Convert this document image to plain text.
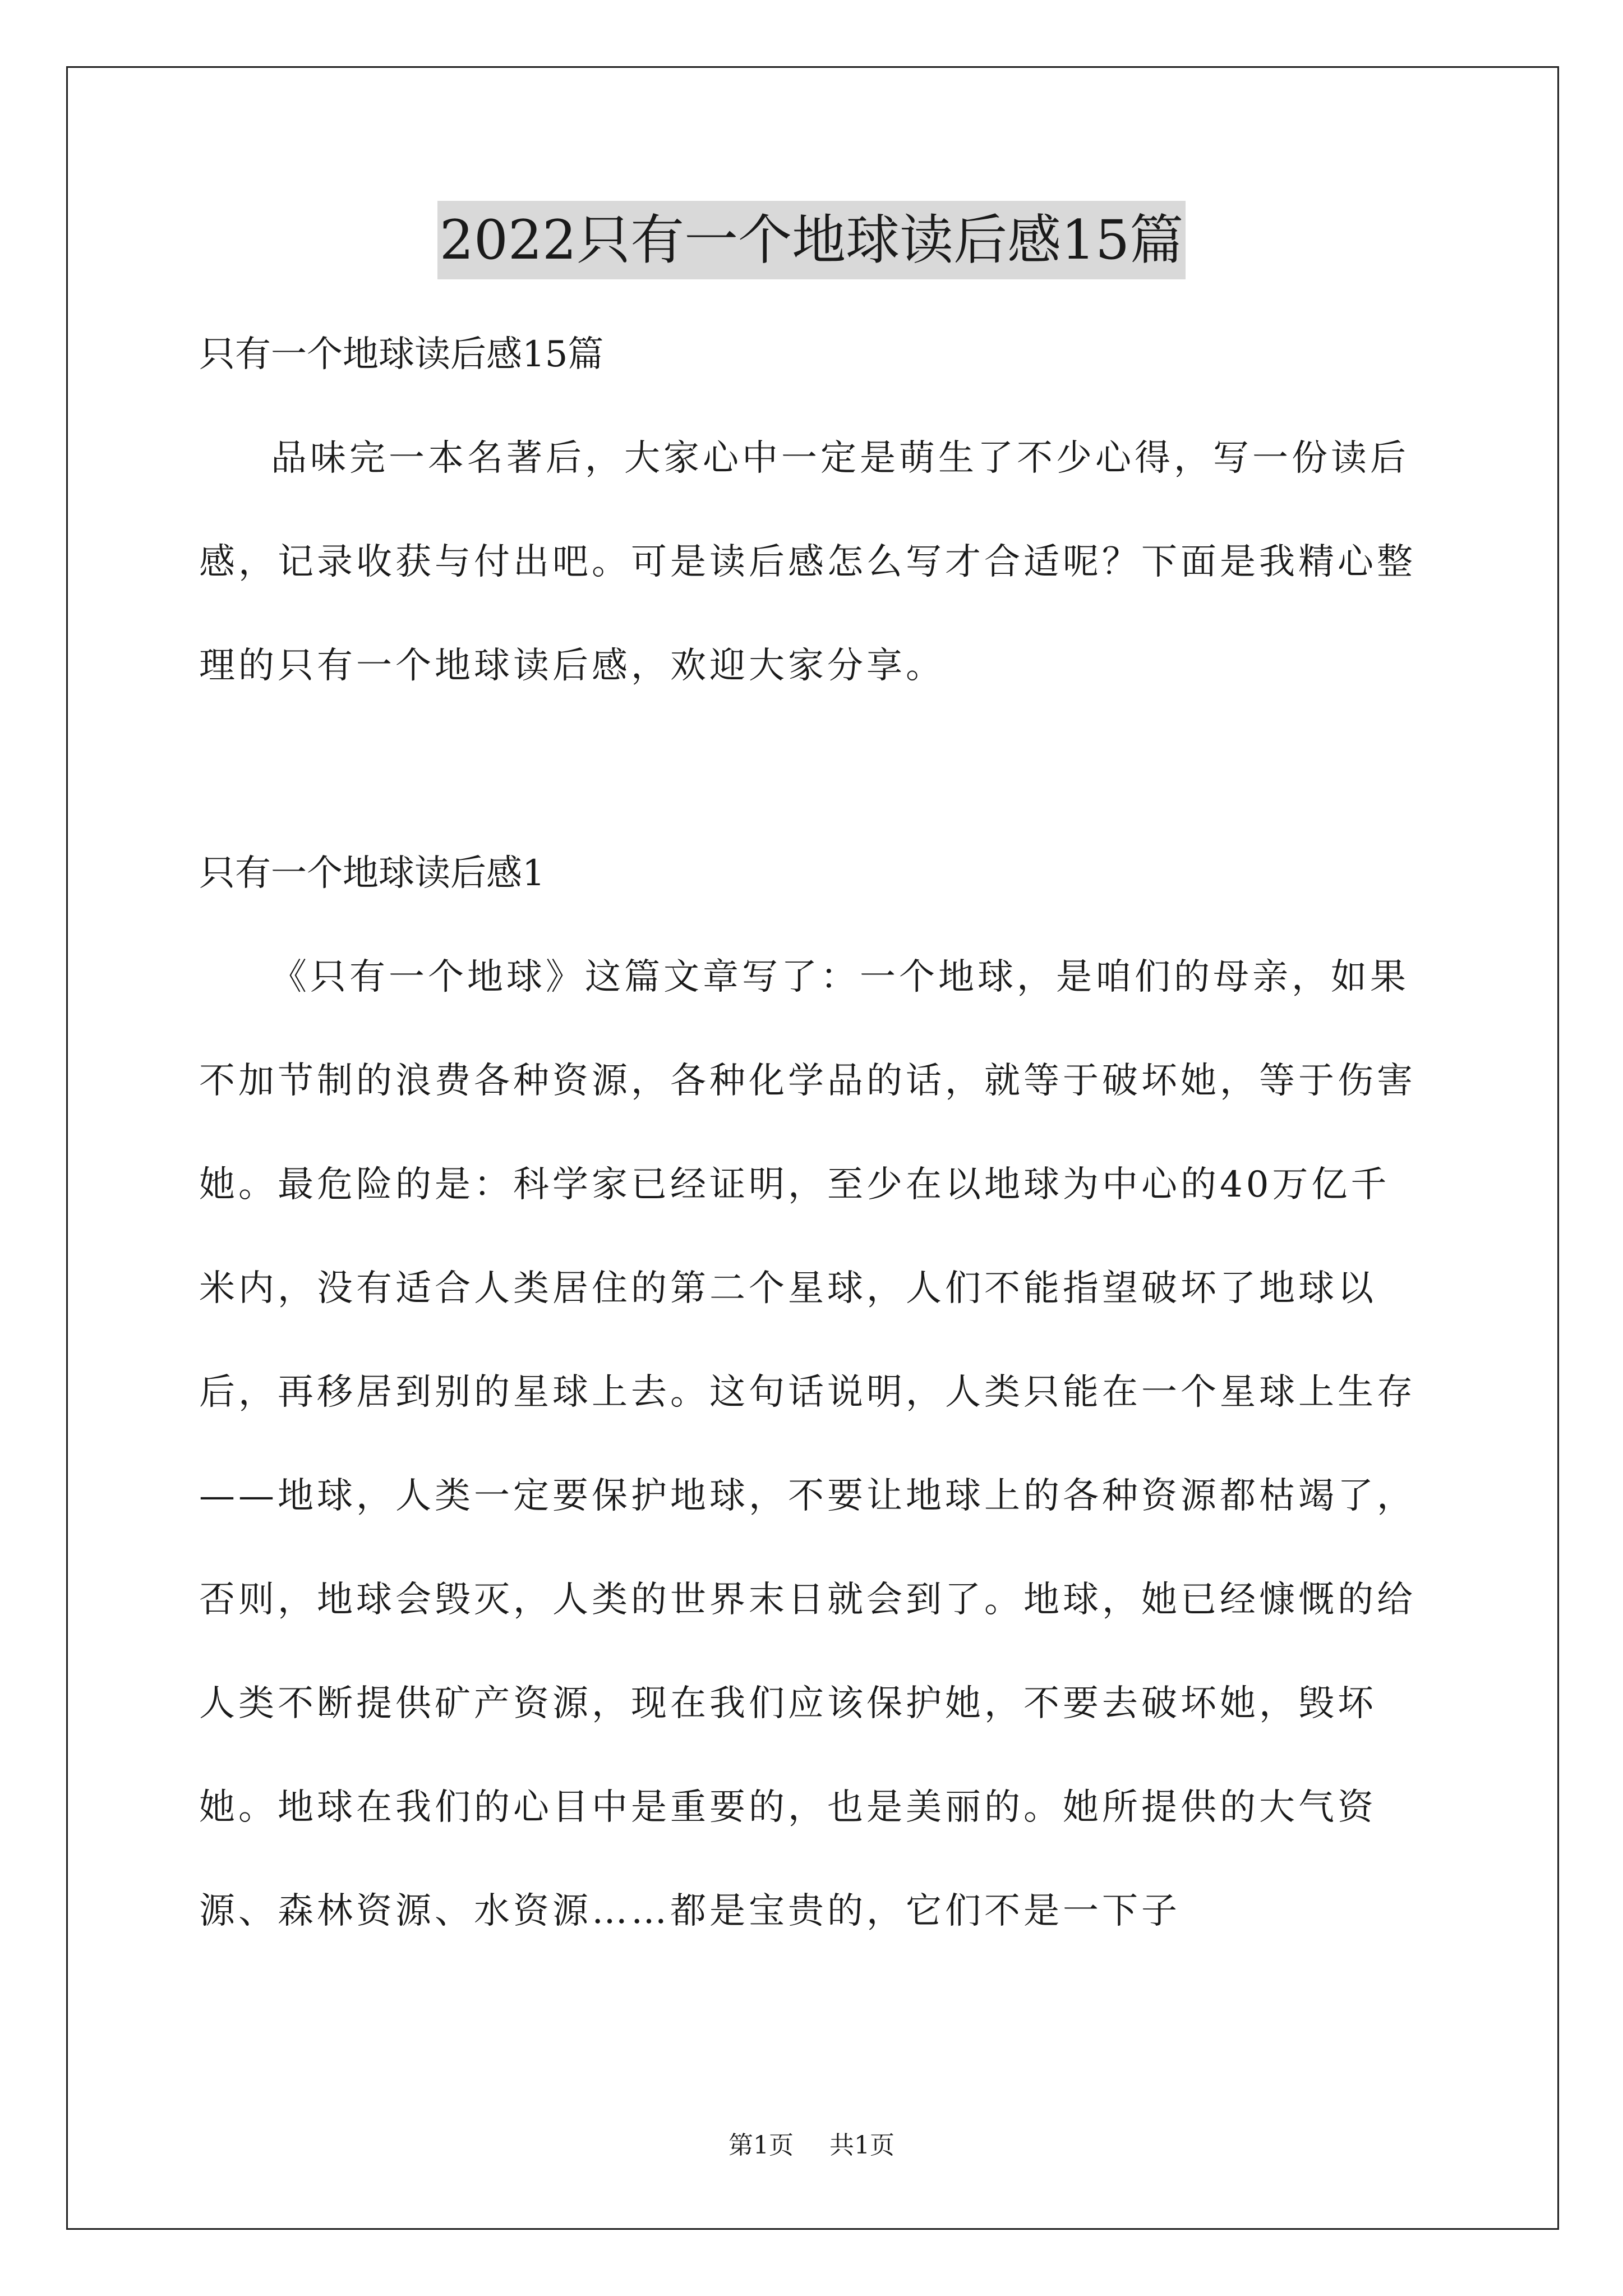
2022只有一个地球读后感15篇

只有一个地球读后感15篇

品味完一本名著后，大家心中一定是萌生了不少心得，写一份读后感，记录收获与付出吧。可是读后感怎么写才合适呢？下面是我精心整理的只有一个地球读后感，欢迎大家分享。

只有一个地球读后感1

《只有一个地球》这篇文章写了：一个地球，是咱们的母亲，如果不加节制的浪费各种资源，各种化学品的话，就等于破坏她，等于伤害她。最危险的是：科学家已经证明，至少在以地球为中心的40万亿千米内，没有适合人类居住的第二个星球，人们不能指望破坏了地球以后，再移居到别的星球上去。这句话说明，人类只能在一个星球上生存——地球，人类一定要保护地球，不要让地球上的各种资源都枯竭了，否则，地球会毁灭，人类的世界末日就会到了。地球，她已经慷慨的给人类不断提供矿产资源，现在我们应该保护她，不要去破坏她，毁坏她。地球在我们的心目中是重要的，也是美丽的。她所提供的大气资源、森林资源、水资源……都是宝贵的，它们不是一下子

第1页 共1页
